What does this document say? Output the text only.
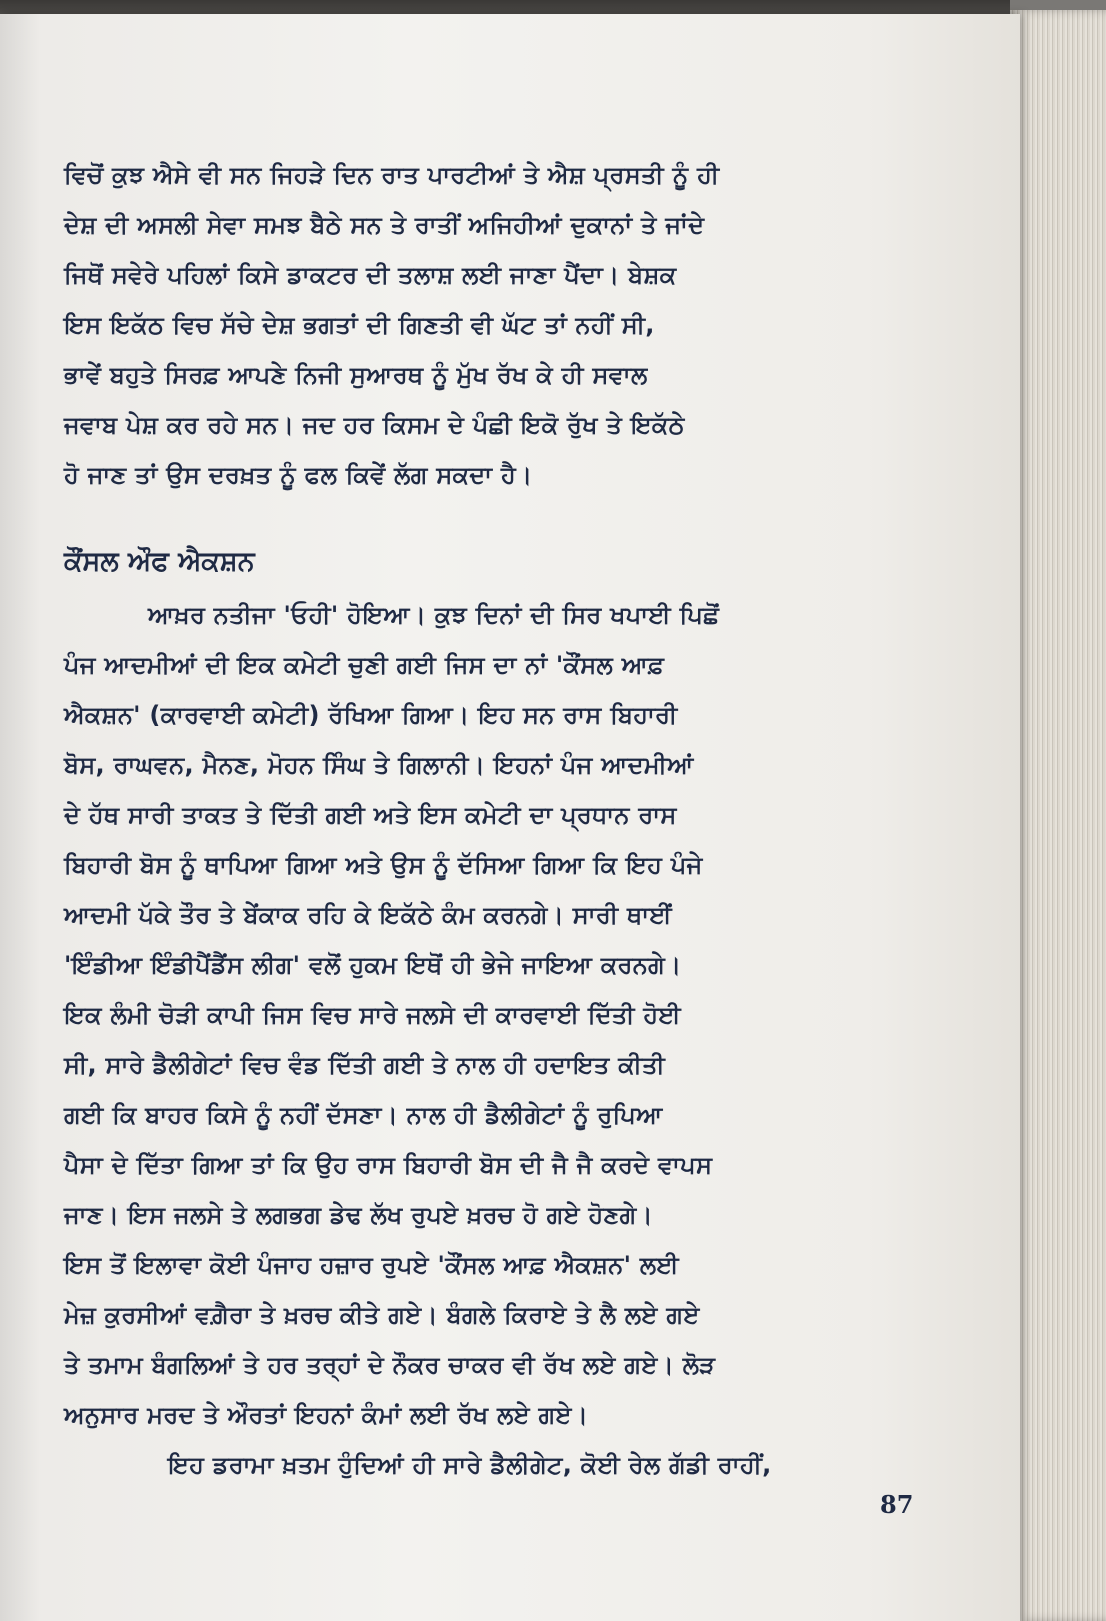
ਵਿਚੋਂ ਕੁਝ ਐਸੇ ਵੀ ਸਨ ਜਿਹੜੇ ਦਿਨ ਰਾਤ ਪਾਰਟੀਆਂ ਤੇ ਐਸ਼ ਪ੍ਰਸਤੀ ਨੂੰ ਹੀ
ਦੇਸ਼ ਦੀ ਅਸਲੀ ਸੇਵਾ ਸਮਝ ਬੈਠੇ ਸਨ ਤੇ ਰਾਤੀਂ ਅਜਿਹੀਆਂ ਦੁਕਾਨਾਂ ਤੇ ਜਾਂਦੇ
ਜਿਥੋਂ ਸਵੇਰੇ ਪਹਿਲਾਂ ਕਿਸੇ ਡਾਕਟਰ ਦੀ ਤਲਾਸ਼ ਲਈ ਜਾਣਾ ਪੈਂਦਾ। ਬੇਸ਼ਕ
ਇਸ ਇਕੱਠ ਵਿਚ ਸੱਚੇ ਦੇਸ਼ ਭਗਤਾਂ ਦੀ ਗਿਣਤੀ ਵੀ ਘੱਟ ਤਾਂ ਨਹੀਂ ਸੀ,
ਭਾਵੇਂ ਬਹੁਤੇ ਸਿਰਫ਼ ਆਪਣੇ ਨਿਜੀ ਸੁਆਰਥ ਨੂੰ ਮੁੱਖ ਰੱਖ ਕੇ ਹੀ ਸਵਾਲ
ਜਵਾਬ ਪੇਸ਼ ਕਰ ਰਹੇ ਸਨ। ਜਦ ਹਰ ਕਿਸਮ ਦੇ ਪੰਛੀ ਇਕੋ ਰੁੱਖ ਤੇ ਇਕੱਠੇ
ਹੋ ਜਾਣ ਤਾਂ ਉਸ ਦਰਖ਼ਤ ਨੂੰ ਫਲ ਕਿਵੇਂ ਲੱਗ ਸਕਦਾ ਹੈ।
ਕੌਂਸਲ ਔਫ ਐਕਸ਼ਨ
ਆਖ਼ਰ ਨਤੀਜਾ 'ਓਹੀ' ਹੋਇਆ। ਕੁਝ ਦਿਨਾਂ ਦੀ ਸਿਰ ਖਪਾਈ ਪਿਛੋਂ
ਪੰਜ ਆਦਮੀਆਂ ਦੀ ਇਕ ਕਮੇਟੀ ਚੁਣੀ ਗਈ ਜਿਸ ਦਾ ਨਾਂ 'ਕੌਂਸਲ ਆਫ਼
ਐਕਸ਼ਨ' (ਕਾਰਵਾਈ ਕਮੇਟੀ) ਰੱਖਿਆ ਗਿਆ। ਇਹ ਸਨ ਰਾਸ ਬਿਹਾਰੀ
ਬੋਸ, ਰਾਘਵਨ, ਮੈਨਣ, ਮੋਹਨ ਸਿੰਘ ਤੇ ਗਿਲਾਨੀ। ਇਹਨਾਂ ਪੰਜ ਆਦਮੀਆਂ
ਦੇ ਹੱਥ ਸਾਰੀ ਤਾਕਤ ਤੇ ਦਿੱਤੀ ਗਈ ਅਤੇ ਇਸ ਕਮੇਟੀ ਦਾ ਪ੍ਰਧਾਨ ਰਾਸ
ਬਿਹਾਰੀ ਬੋਸ ਨੂੰ ਥਾਪਿਆ ਗਿਆ ਅਤੇ ਉਸ ਨੂੰ ਦੱਸਿਆ ਗਿਆ ਕਿ ਇਹ ਪੰਜੇ
ਆਦਮੀ ਪੱਕੇ ਤੌਰ ਤੇ ਬੇਂਕਾਕ ਰਹਿ ਕੇ ਇਕੱਠੇ ਕੰਮ ਕਰਨਗੇ। ਸਾਰੀ ਥਾਈਂ
'ਇੰਡੀਆ ਇੰਡੀਪੈਂਡੈਂਸ ਲੀਗ' ਵਲੋਂ ਹੁਕਮ ਇਥੋਂ ਹੀ ਭੇਜੇ ਜਾਇਆ ਕਰਨਗੇ।
ਇਕ ਲੰਮੀ ਚੋੜੀ ਕਾਪੀ ਜਿਸ ਵਿਚ ਸਾਰੇ ਜਲਸੇ ਦੀ ਕਾਰਵਾਈ ਦਿੱਤੀ ਹੋਈ
ਸੀ, ਸਾਰੇ ਡੈਲੀਗੇਟਾਂ ਵਿਚ ਵੰਡ ਦਿੱਤੀ ਗਈ ਤੇ ਨਾਲ ਹੀ ਹਦਾਇਤ ਕੀਤੀ
ਗਈ ਕਿ ਬਾਹਰ ਕਿਸੇ ਨੂੰ ਨਹੀਂ ਦੱਸਣਾ। ਨਾਲ ਹੀ ਡੈਲੀਗੇਟਾਂ ਨੂੰ ਰੁਪਿਆ
ਪੈਸਾ ਦੇ ਦਿੱਤਾ ਗਿਆ ਤਾਂ ਕਿ ਉਹ ਰਾਸ ਬਿਹਾਰੀ ਬੋਸ ਦੀ ਜੈ ਜੈ ਕਰਦੇ ਵਾਪਸ
ਜਾਣ। ਇਸ ਜਲਸੇ ਤੇ ਲਗਭਗ ਡੇਢ ਲੱਖ ਰੁਪਏ ਖ਼ਰਚ ਹੋ ਗਏ ਹੋਣਗੇ।
ਇਸ ਤੋਂ ਇਲਾਵਾ ਕੋਈ ਪੰਜਾਹ ਹਜ਼ਾਰ ਰੁਪਏ 'ਕੌਂਸਲ ਆਫ਼ ਐਕਸ਼ਨ' ਲਈ
ਮੇਜ਼ ਕੁਰਸੀਆਂ ਵਗ਼ੈਰਾ ਤੇ ਖ਼ਰਚ ਕੀਤੇ ਗਏ। ਬੰਗਲੇ ਕਿਰਾਏ ਤੇ ਲੈ ਲਏ ਗਏ
ਤੇ ਤਮਾਮ ਬੰਗਲਿਆਂ ਤੇ ਹਰ ਤਰ੍ਹਾਂ ਦੇ ਨੌਕਰ ਚਾਕਰ ਵੀ ਰੱਖ ਲਏ ਗਏ। ਲੋੜ
ਅਨੁਸਾਰ ਮਰਦ ਤੇ ਔਰਤਾਂ ਇਹਨਾਂ ਕੰਮਾਂ ਲਈ ਰੱਖ ਲਏ ਗਏ।
ਇਹ ਡਰਾਮਾ ਖ਼ਤਮ ਹੁੰਦਿਆਂ ਹੀ ਸਾਰੇ ਡੈਲੀਗੇਟ, ਕੋਈ ਰੇਲ ਗੱਡੀ ਰਾਹੀਂ,
87
